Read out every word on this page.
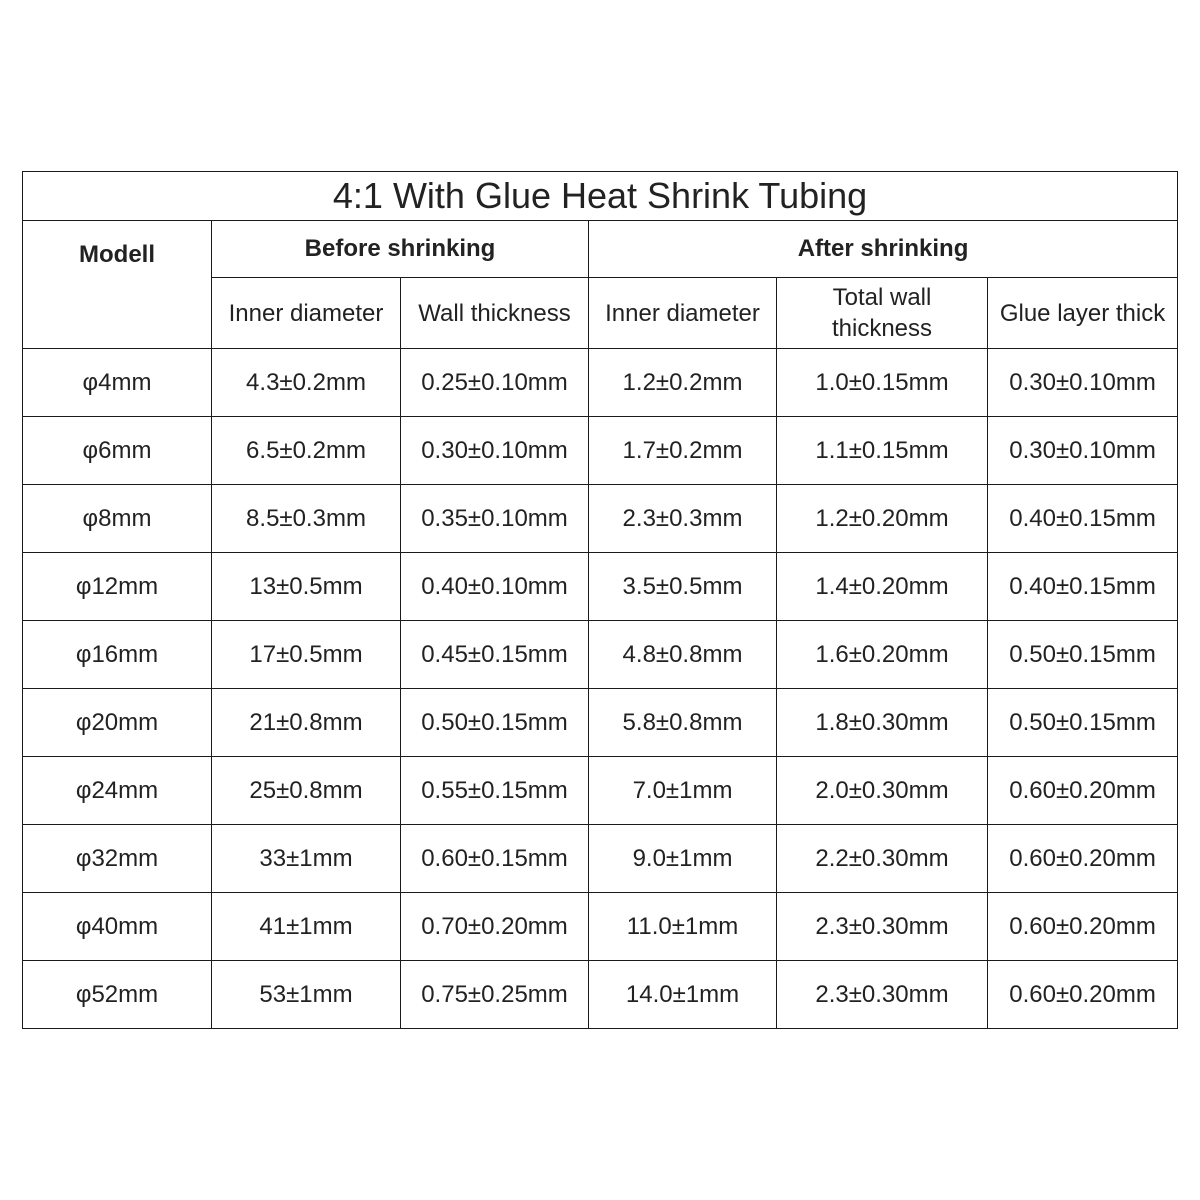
4:1 With Glue Heat Shrink Tubing					
Modell	Before shrinking		After shrinking		
	Inner diameter	Wall thickness	Inner diameter	Total wall thickness	Glue layer thick
φ4mm	4.3±0.2mm	0.25±0.10mm	1.2±0.2mm	1.0±0.15mm	0.30±0.10mm
φ6mm	6.5±0.2mm	0.30±0.10mm	1.7±0.2mm	1.1±0.15mm	0.30±0.10mm
φ8mm	8.5±0.3mm	0.35±0.10mm	2.3±0.3mm	1.2±0.20mm	0.40±0.15mm
φ12mm	13±0.5mm	0.40±0.10mm	3.5±0.5mm	1.4±0.20mm	0.40±0.15mm
φ16mm	17±0.5mm	0.45±0.15mm	4.8±0.8mm	1.6±0.20mm	0.50±0.15mm
φ20mm	21±0.8mm	0.50±0.15mm	5.8±0.8mm	1.8±0.30mm	0.50±0.15mm
φ24mm	25±0.8mm	0.55±0.15mm	7.0±1mm	2.0±0.30mm	0.60±0.20mm
φ32mm	33±1mm	0.60±0.15mm	9.0±1mm	2.2±0.30mm	0.60±0.20mm
φ40mm	41±1mm	0.70±0.20mm	11.0±1mm	2.3±0.30mm	0.60±0.20mm
φ52mm	53±1mm	0.75±0.25mm	14.0±1mm	2.3±0.30mm	0.60±0.20mm
